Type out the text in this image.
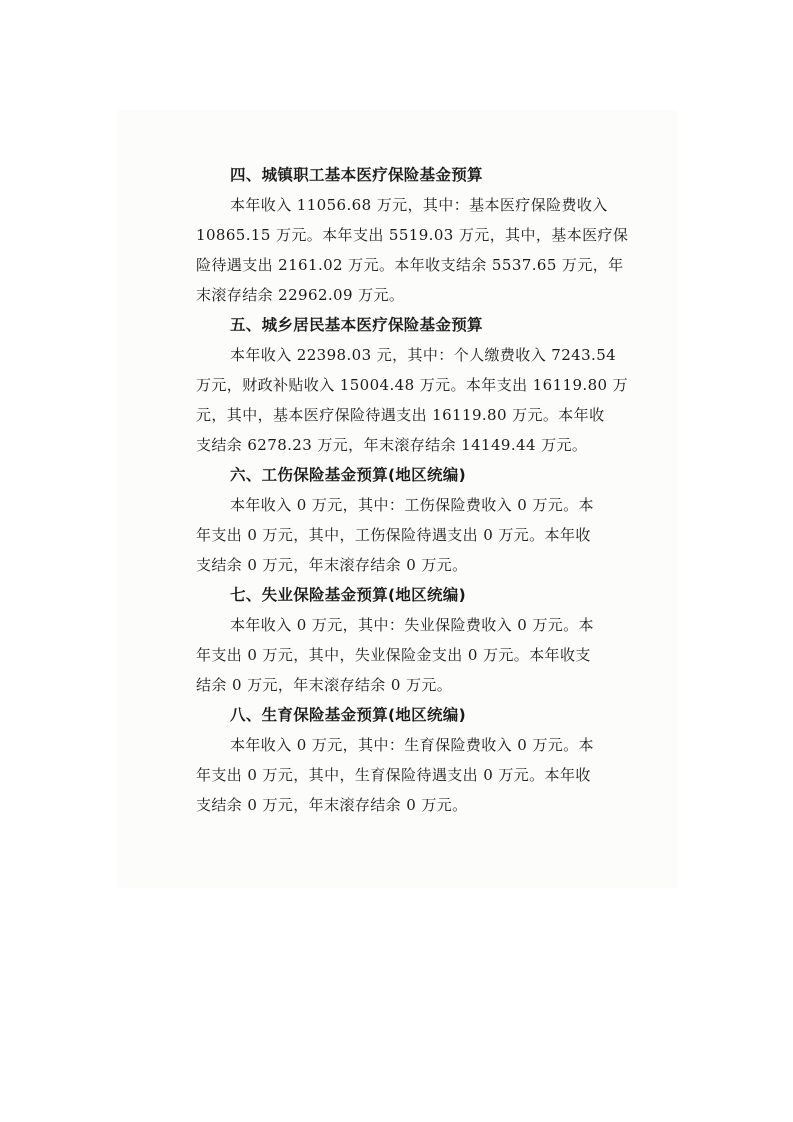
四、城镇职工基本医疗保险基金预算
本年收入 11056.68 万元，其中：基本医疗保险费收入
10865.15 万元。本年支出 5519.03 万元，其中，基本医疗保
险待遇支出 2161.02 万元。本年收支结余 5537.65 万元，年
末滚存结余 22962.09 万元。
五、城乡居民基本医疗保险基金预算
本年收入 22398.03 元，其中：个人缴费收入 7243.54
万元，财政补贴收入 15004.48 万元。本年支出 16119.80 万
元，其中，基本医疗保险待遇支出 16119.80 万元。本年收
支结余 6278.23 万元，年末滚存结余 14149.44 万元。
六、工伤保险基金预算(地区统编)
本年收入 0 万元，其中：工伤保险费收入 0 万元。本
年支出 0 万元，其中，工伤保险待遇支出 0 万元。本年收
支结余 0 万元，年末滚存结余 0 万元。
七、失业保险基金预算(地区统编)
本年收入 0 万元，其中：失业保险费收入 0 万元。本
年支出 0 万元，其中，失业保险金支出 0 万元。本年收支
结余 0 万元，年末滚存结余 0 万元。
八、生育保险基金预算(地区统编)
本年收入 0 万元，其中：生育保险费收入 0 万元。本
年支出 0 万元，其中，生育保险待遇支出 0 万元。本年收
支结余 0 万元，年末滚存结余 0 万元。
